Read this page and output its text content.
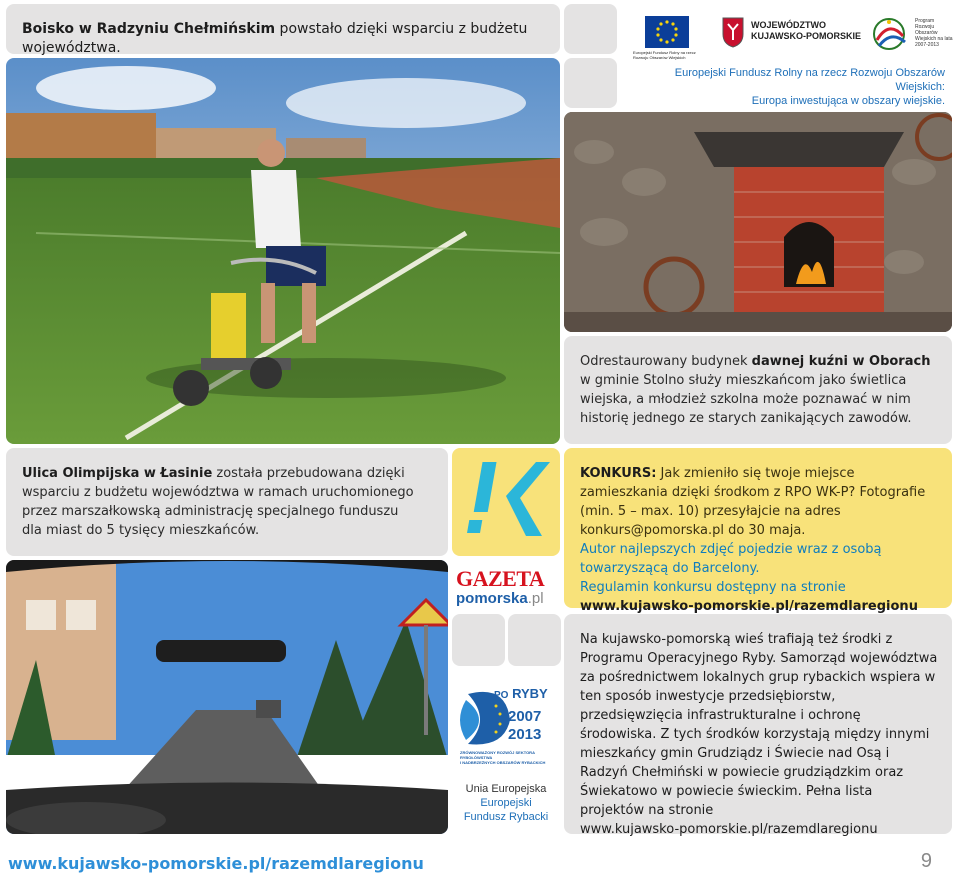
Boisko w Radzyniu Chełmińskim powstało dzięki wsparciu z budżetu województwa.	Europejski Fundusz Rolny na rzecz Rozwoju Obszarów Wiejskich
WOJEWÓDZTWO
KUJAWSKO-POMORSKIE
Program Rozwoju Obszarów Wiejskich na lata 2007-2013
Europejski Fundusz Rolny na rzecz Rozwoju Obszarów Wiejskich:
Europa inwestująca w obszary wiejskie.
Odrestaurowany budynek dawnej kuźni w Oborach w gminie Stolno służy mieszkańcom jako świetlica wiejska, a młodzież szkolna może poznawać w nim historię jednego ze starych zanikających zawodów.
Ulica Olimpijska w Łasinie została przebudowana dzięki wsparciu z budżetu województwa w ramach uruchomionego przez marszałkowską administrację specjalnego funduszu dla miast do 5 tysięcy mieszkańców.
GAZETA
pomorska.pl
KONKURS: Jak zmieniło się twoje miejsce zamieszkania dzięki środkom z RPO WK-P? Fotografie (min. 5 – max. 10) przesyłajcie na adres konkurs@pomorska.pl do 30 maja.
Autor najlepszych zdjęć pojedzie wraz z osobą towarzyszącą do Barcelony.
Regulamin konkursu dostępny na stronie
www.kujawsko-pomorskie.pl/razemdlaregionu
PO RYBY
2007
2013
ZRÓWNOWAŻONY ROZWÓJ SEKTORA RYBOŁÓWSTWA
I NADBRZEŻNYCH OBSZARÓW RYBACKICH
Unia Europejska
Europejski
Fundusz Rybacki
Na kujawsko-pomorską wieś trafiają też środki z Programu Operacyjnego Ryby. Samorząd województwa za pośrednictwem lokalnych grup rybackich wspiera w ten sposób inwestycje przedsiębiorstw, przedsięwzięcia infrastrukturalne i ochronę środowiska. Z tych środków korzystają między innymi mieszkańcy gmin Grudziądz i Świecie nad Osą i Radzyń Chełmiński w powiecie grudziądzkim oraz Świekatowo w powiecie świeckim. Pełna lista projektów na stronie
www.kujawsko-pomorskie.pl/razemdlaregionu
www.kujawsko-pomorskie.pl/razemdlaregionu	9
